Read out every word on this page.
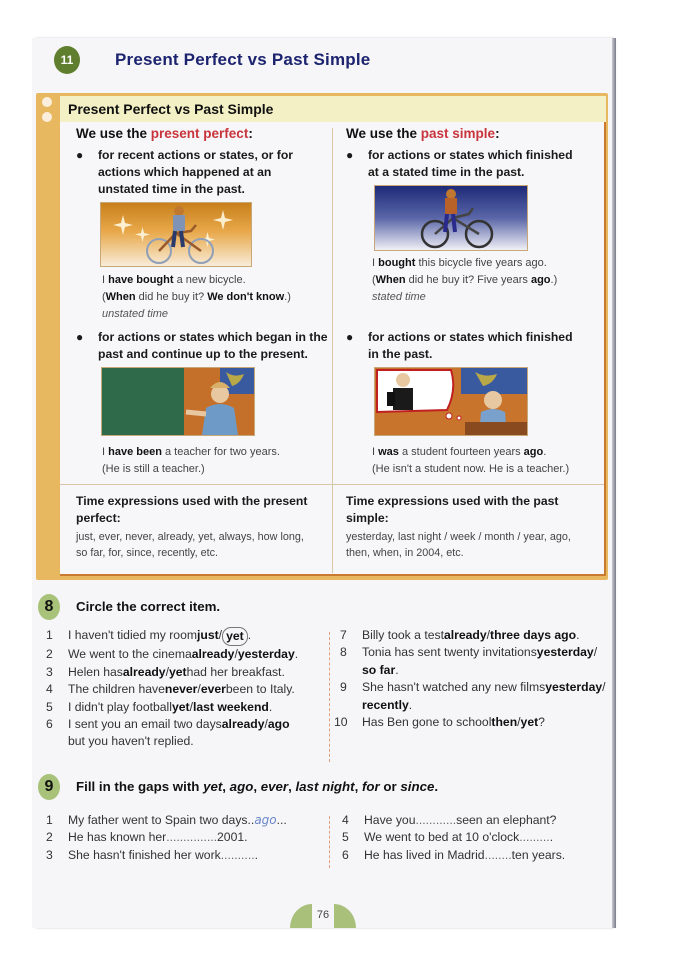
11	Present Perfect vs Past Simple
Present Perfect vs Past Simple
We use the present perfect:
●	for recent actions or states, or for
actions which happened at an
unstated time in the past.
I have bought a new bicycle.
(When did he buy it? We don't know.)
unstated time
●	for actions or states which began in the
past and continue up to the present.
I have been a teacher for two years.
(He is still a teacher.)
We use the past simple:
●	for actions or states which finished
at a stated time in the past.
I bought this bicycle five years ago.
(When did he buy it? Five years ago.)
stated time
●	for actions or states which finished
in the past.
I was a student fourteen years ago.
(He isn't a student now. He is a teacher.)
Time expressions used with the present
perfect:
just, ever, never, already, yet, always, how long,
so far, for, since, recently, etc.
Time expressions used with the past
simple:
yesterday, last night / week / month / year, ago,
then, when, in 2004, etc.
8	Circle the correct item.
1	I haven't tidied my room just / yet .
2	We went to the cinema already / yesterday .
3	Helen has already / yet had her breakfast.
4	The children have never / ever been to Italy.
5	I didn't play football yet / last weekend .
6	I sent you an email two days already / ago
but you haven't replied.
7	Billy took a test already / three days ago .
8	Tonia has sent twenty invitations yesterday /
so far .
9	She hasn't watched any new films yesterday /
recently .
10	Has Ben gone to school then / yet ?
9	Fill in the gaps with yet, ago, ever, last night, for or since.
1	My father went to Spain two days ..ago...
2	He has known her ............... 2001.
3	She hasn't finished her work .......... .
4	Have you ............ seen an elephant?
5	We went to bed at 10 o'clock ......... .
6	He has lived in Madrid ........ ten years.
76
